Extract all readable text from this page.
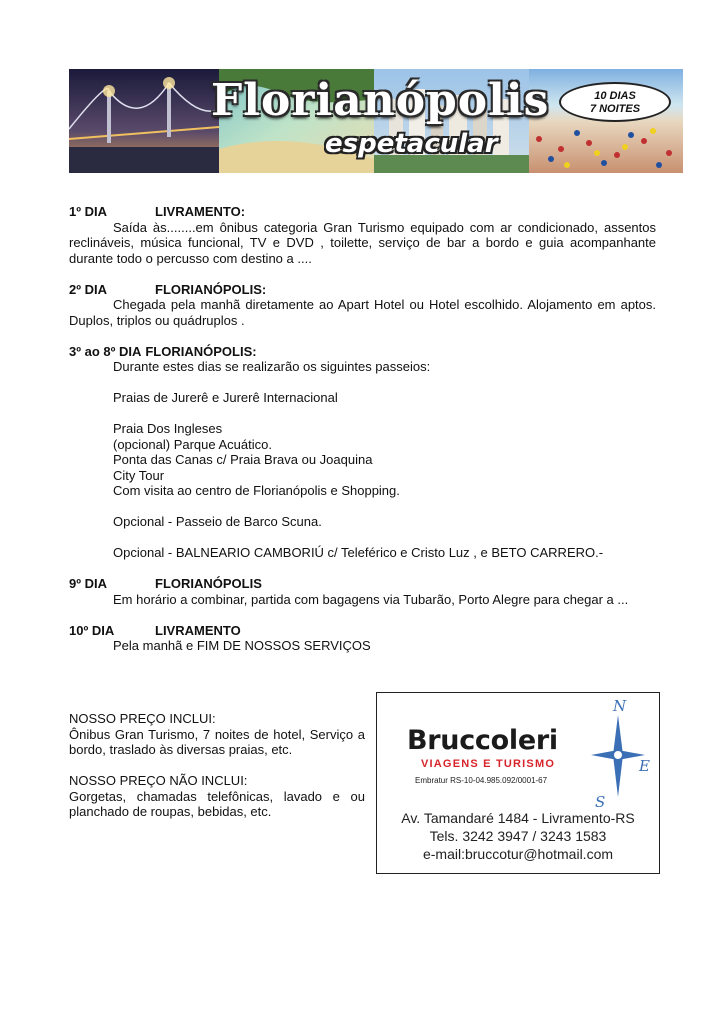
Florianópolis
espetacular
10 DIAS
7 NOITES
1º DIA	LIVRAMENTO:

Saída às........em ônibus categoria Gran Turismo equipado com ar condicionado, assentos reclináveis, música funcional, TV e DVD , toilette, serviço de bar a bordo e guia acompanhante durante todo o percusso com destino a ....

2º DIA	FLORIANÓPOLIS:

Chegada pela manhã diretamente ao Apart Hotel ou Hotel escolhido. Alojamento em aptos. Duplos, triplos ou quádruplos .

3º ao 8º DIA FLORIANÓPOLIS:
Durante estes dias se realizarão os siguintes passeios:
Praias de Jurerê e Jurerê Internacional
Praia Dos Ingleses
(opcional) Parque Acuático.
Ponta das Canas c/ Praia Brava ou Joaquina
City Tour
Com visita ao centro de Florianópolis e Shopping.
Opcional - Passeio de Barco Scuna.
Opcional - BALNEARIO CAMBORIÚ c/ Teleférico e Cristo Luz , e BETO CARRERO.-
9º DIA	FLORIANÓPOLIS

Em horário a combinar, partida com bagagens via Tubarão, Porto Alegre para chegar a ...

10º DIA	LIVRAMENTO
Pela manhã e FIM DE NOSSOS SERVIÇOS

NOSSO PREÇO INCLUI:

Ônibus Gran Turismo, 7 noites de hotel, Serviço a bordo, traslado às diversas praias, etc.

NOSSO PREÇO NÃO INCLUI:

Gorgetas, chamadas telefônicas, lavado e ou planchado de roupas, bebidas, etc.

N
E
S
Bruccoleri
VIAGENS E TURISMO
Embratur RS-10-04.985.092/0001-67
Av. Tamandaré 1484 - Livramento-RS
Tels. 3242 3947 / 3243 1583
e-mail:bruccotur@hotmail.com
